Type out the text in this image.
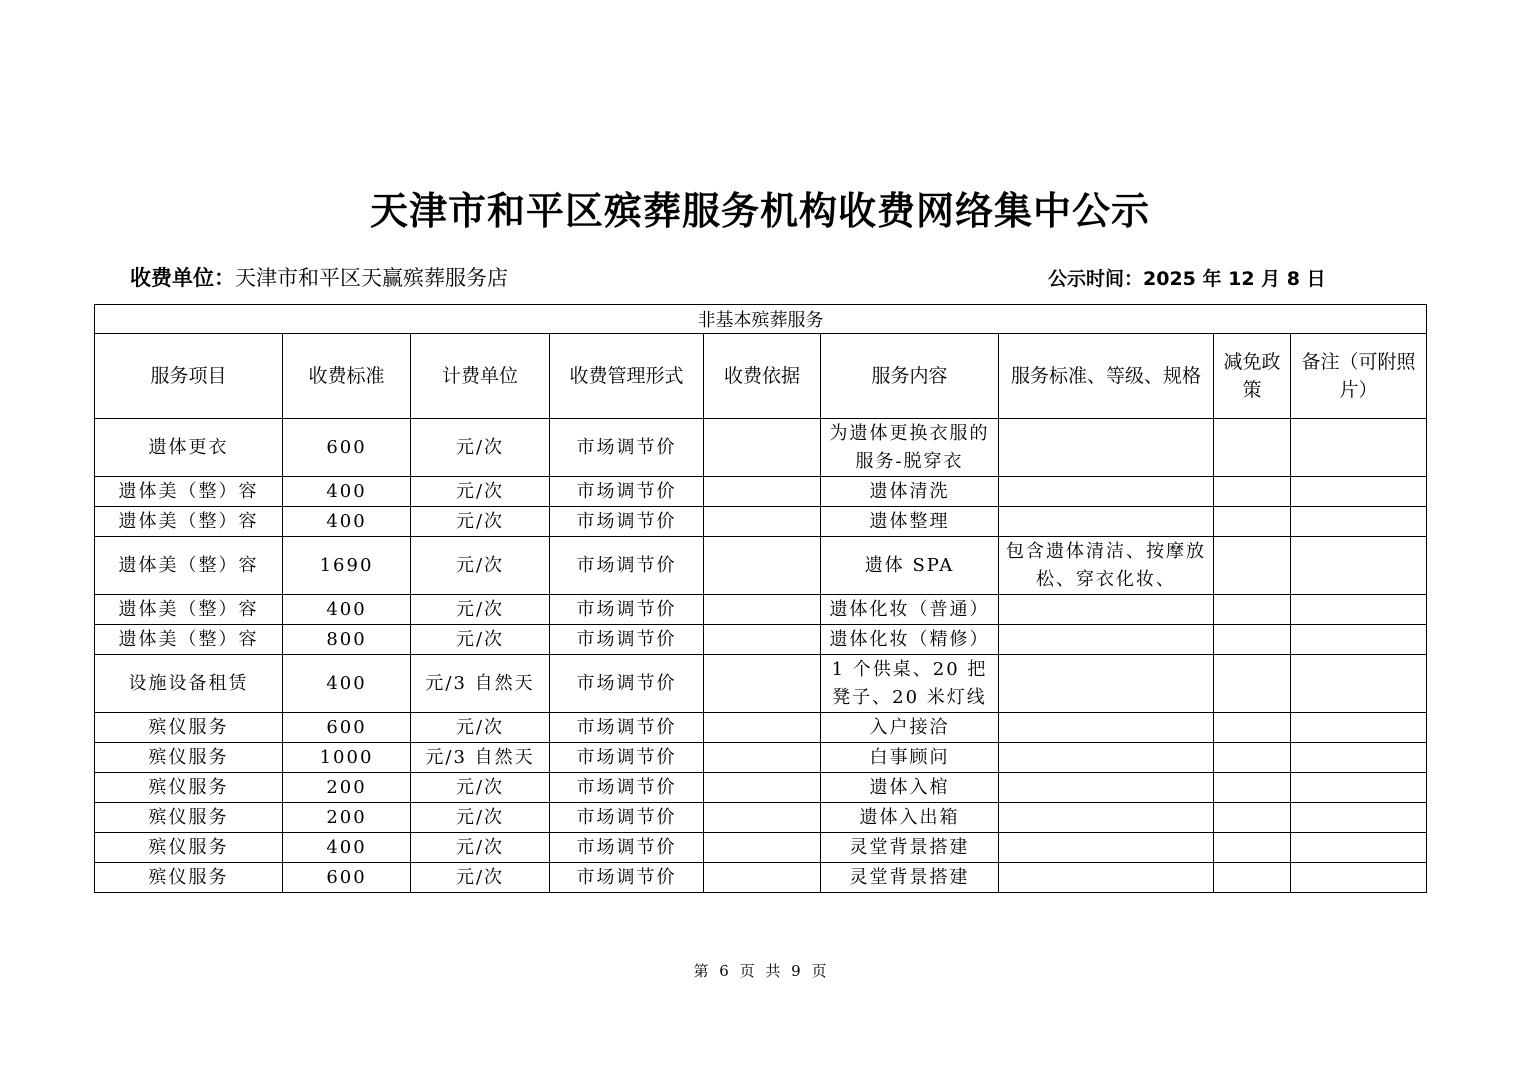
天津市和平区殡葬服务机构收费网络集中公示
收费单位：天津市和平区天赢殡葬服务店	公示时间：2025 年 12 月 8 日
非基本殡葬服务								
服务项目	收费标准	计费单位	收费管理形式	收费依据	服务内容	服务标准、等级、规格	减免政策	备注（可附照片）
遗体更衣	600	元/次	市场调节价		为遗体更换衣服的服务-脱穿衣			
遗体美（整）容	400	元/次	市场调节价		遗体清洗			
遗体美（整）容	400	元/次	市场调节价		遗体整理			
遗体美（整）容	1690	元/次	市场调节价		遗体 SPA	包含遗体清洁、按摩放松、穿衣化妆、		
遗体美（整）容	400	元/次	市场调节价		遗体化妆（普通）			
遗体美（整）容	800	元/次	市场调节价		遗体化妆（精修）			
设施设备租赁	400	元/3 自然天	市场调节价		1 个供桌、20 把凳子、20 米灯线			
殡仪服务	600	元/次	市场调节价		入户接洽			
殡仪服务	1000	元/3 自然天	市场调节价		白事顾问			
殡仪服务	200	元/次	市场调节价		遗体入棺			
殡仪服务	200	元/次	市场调节价		遗体入出箱			
殡仪服务	400	元/次	市场调节价		灵堂背景搭建			
殡仪服务	600	元/次	市场调节价		灵堂背景搭建			
第 6 页 共 9 页
